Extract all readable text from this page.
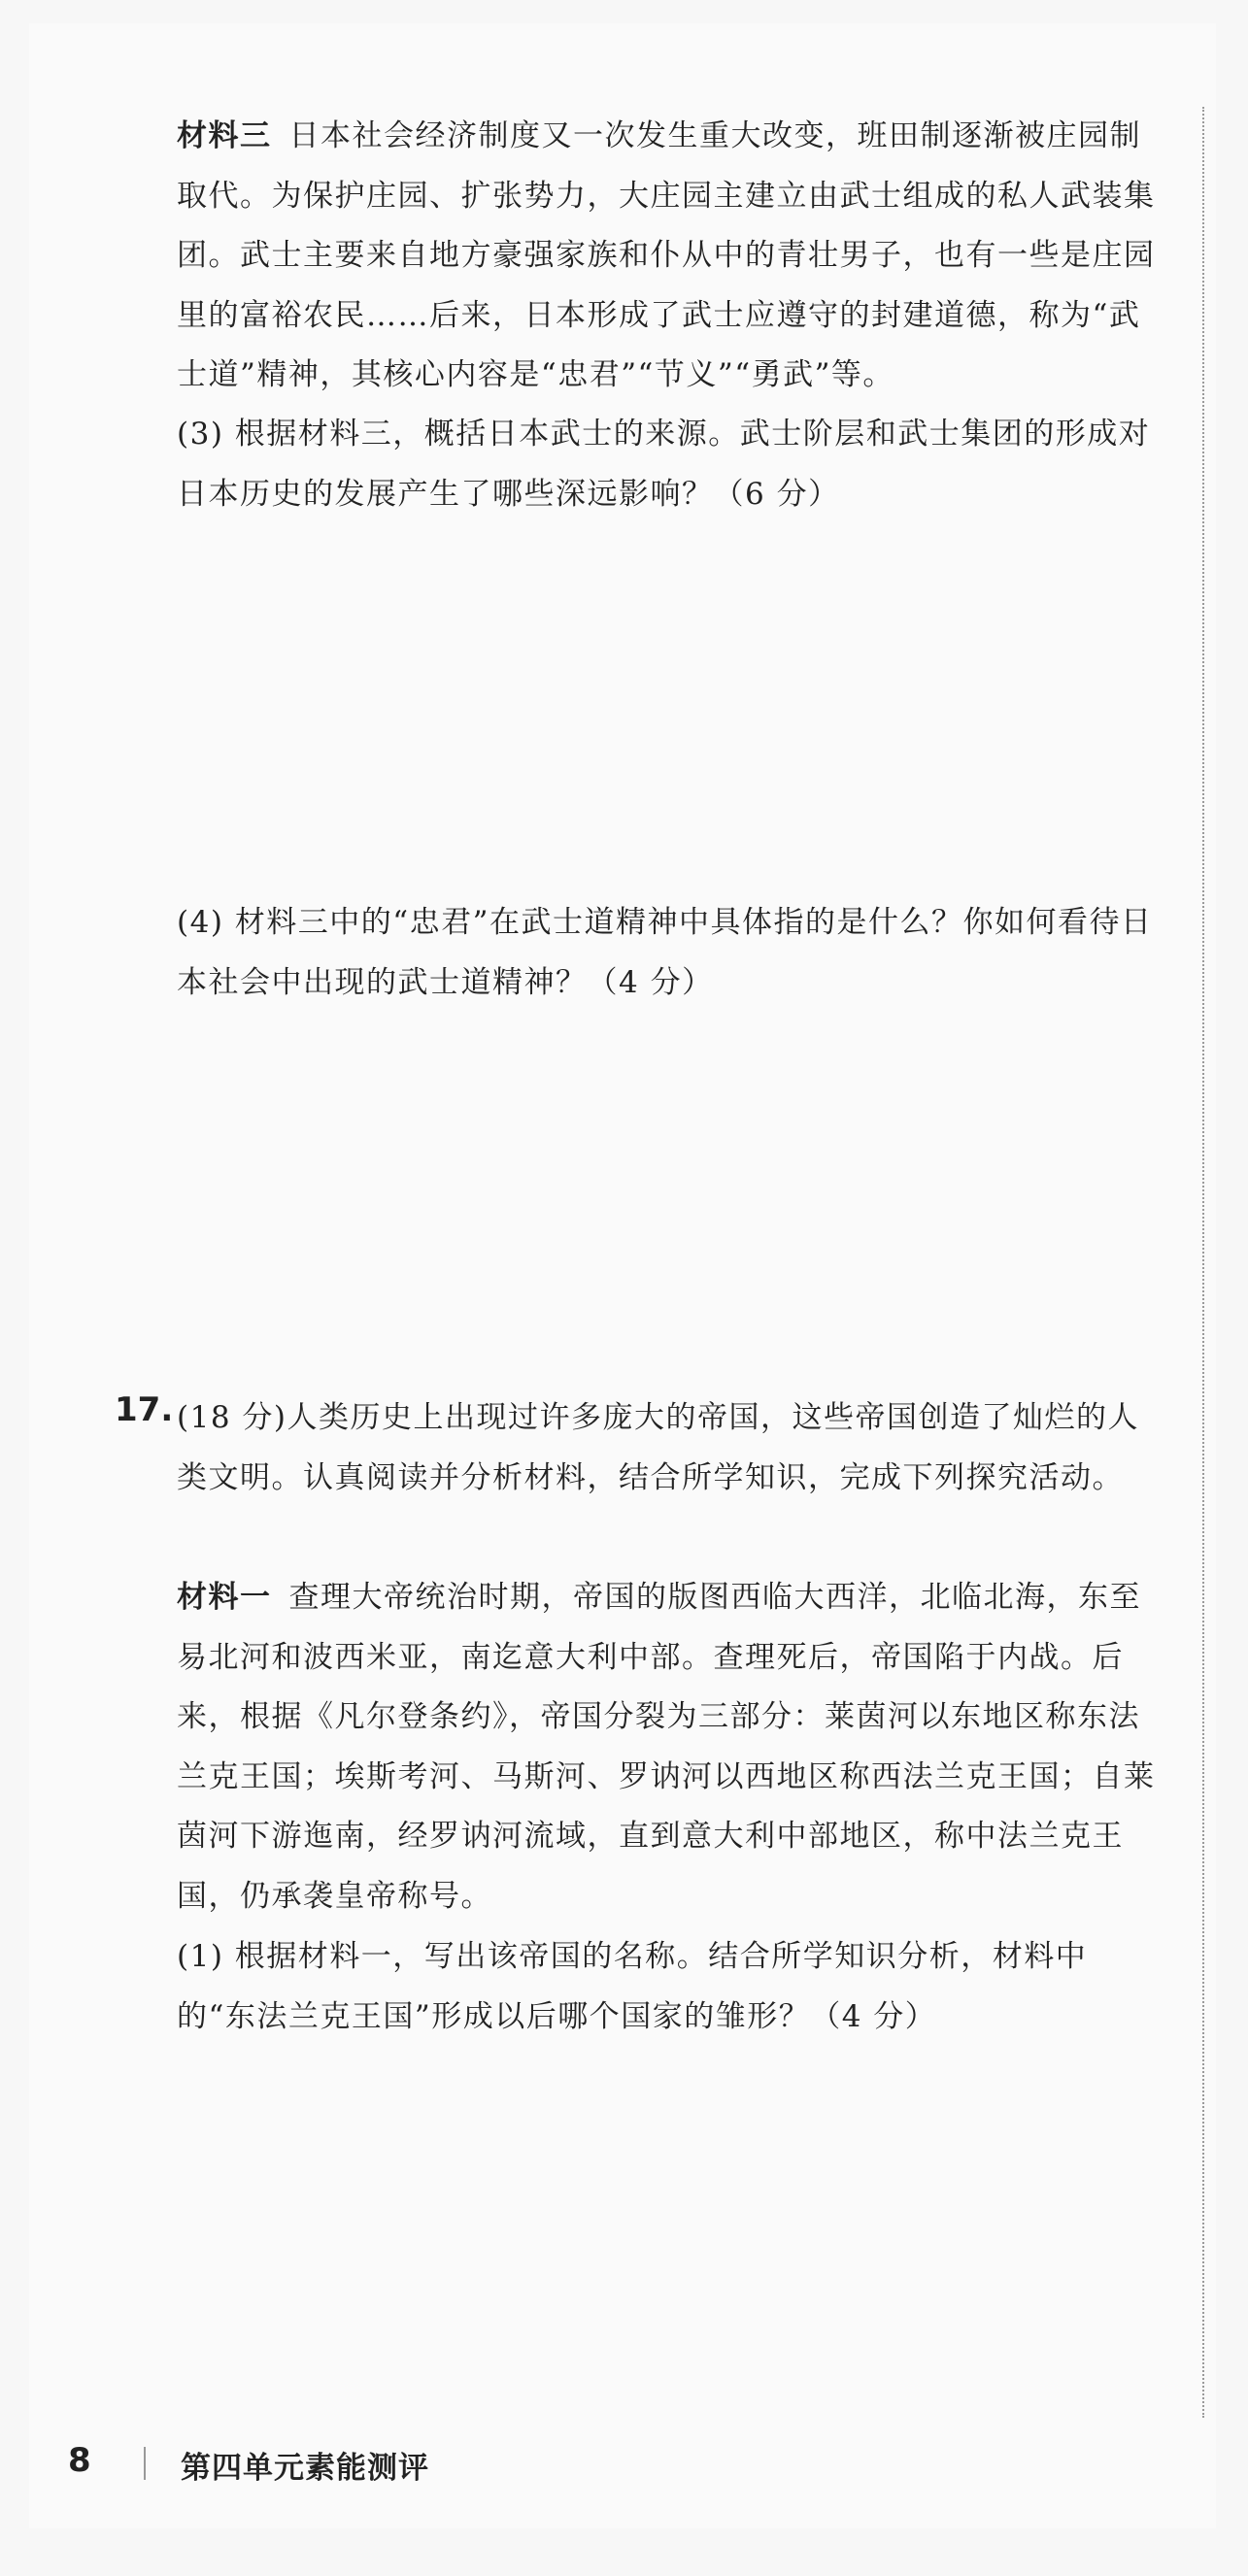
材料三 日本社会经济制度又一次发生重大改变，班田制逐渐被庄园制取代。为保护庄园、扩张势力，大庄园主建立由武士组成的私人武装集团。武士主要来自地方豪强家族和仆从中的青壮男子，也有一些是庄园里的富裕农民……后来，日本形成了武士应遵守的封建道德，称为“武士道”精神，其核心内容是“忠君”“节义”“勇武”等。
(3) 根据材料三，概括日本武士的来源。武士阶层和武士集团的形成对日本历史的发展产生了哪些深远影响？（6 分）
(4) 材料三中的“忠君”在武士道精神中具体指的是什么？你如何看待日本社会中出现的武士道精神？（4 分）
17. (18 分)人类历史上出现过许多庞大的帝国，这些帝国创造了灿烂的人类文明。认真阅读并分析材料，结合所学知识，完成下列探究活动。
材料一 查理大帝统治时期，帝国的版图西临大西洋，北临北海，东至易北河和波西米亚，南迄意大利中部。查理死后，帝国陷于内战。后来，根据《凡尔登条约》，帝国分裂为三部分：莱茵河以东地区称东法兰克王国；埃斯考河、马斯河、罗讷河以西地区称西法兰克王国；自莱茵河下游迤南，经罗讷河流域，直到意大利中部地区，称中法兰克王国，仍承袭皇帝称号。
(1) 根据材料一，写出该帝国的名称。结合所学知识分析，材料中的“东法兰克王国”形成以后哪个国家的雏形？（4 分）
8	第四单元素能测评
